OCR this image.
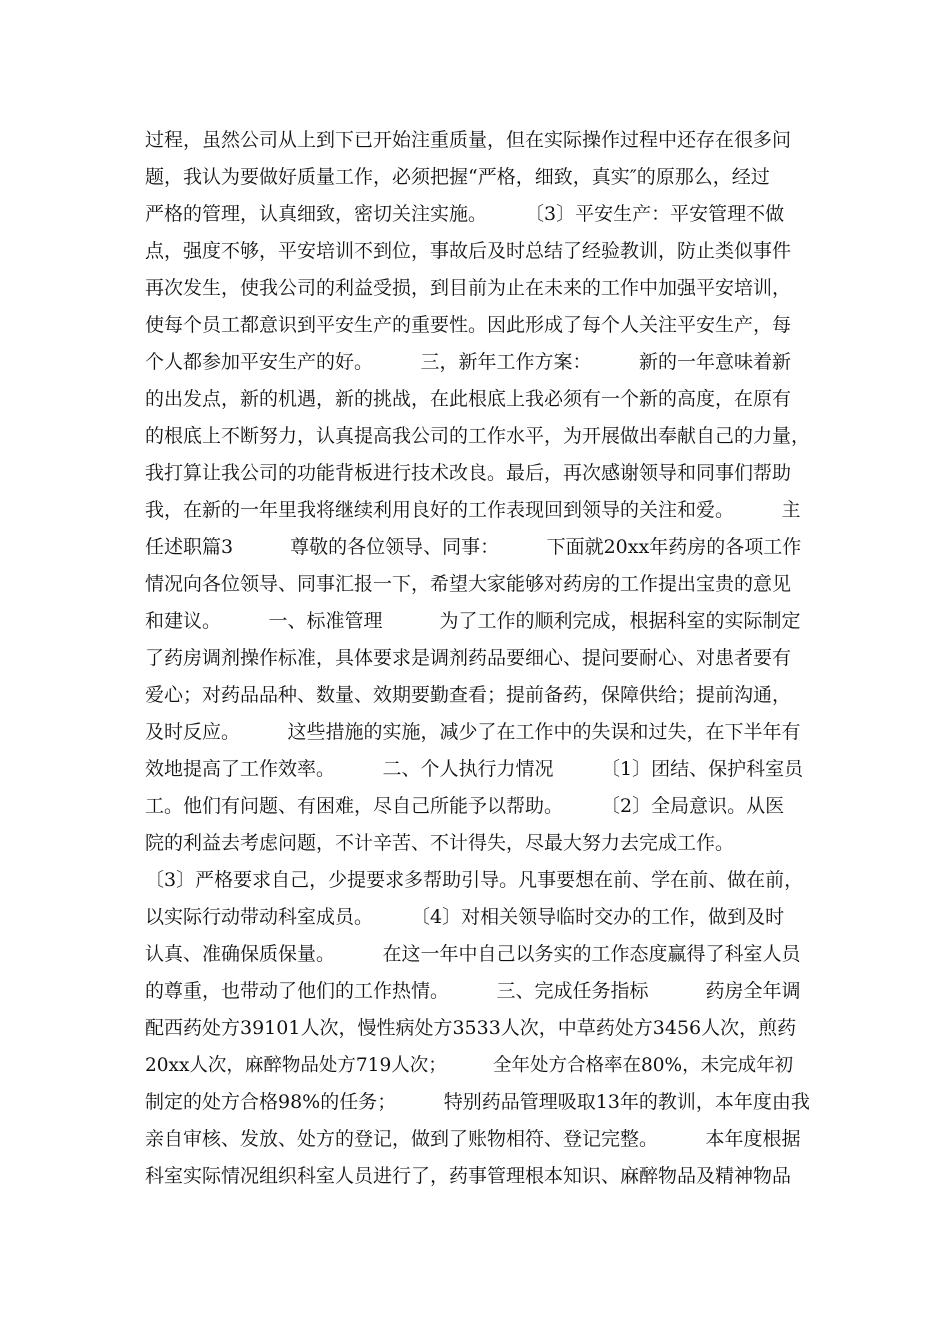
过程，虽然公司从上到下已开始注重质量，但在实际操作过程中还存在很多问
题，我认为要做好质量工作，必须把握“严格，细致，真实″的原那么，经过
严格的管理，认真细致，密切关注实施。　　　〔3〕平安生产：平安管理不做
点，强度不够，平安培训不到位，事故后及时总结了经验教训，防止类似事件
再次发生，使我公司的利益受损，到目前为止在未来的工作中加强平安培训，
使每个员工都意识到平安生产的重要性。因此形成了每个人关注平安生产，每
个人都参加平安生产的好。　　　三，新年工作方案：　　　新的一年意味着新
的出发点，新的机遇，新的挑战，在此根底上我必须有一个新的高度，在原有
的根底上不断努力，认真提高我公司的工作水平，为开展做出奉献自己的力量，
我打算让我公司的功能背板进行技术改良。最后，再次感谢领导和同事们帮助
我，在新的一年里我将继续利用良好的工作表现回到领导的关注和爱。　　　主
任述职篇3　　　尊敬的各位领导、同事：　　　下面就20xx年药房的各项工作
情况向各位领导、同事汇报一下，希望大家能够对药房的工作提出宝贵的意见
和建议。　　　一、标准管理　　　为了工作的顺利完成，根据科室的实际制定
了药房调剂操作标准，具体要求是调剂药品要细心、提问要耐心、对患者要有
爱心；对药品品种、数量、效期要勤查看；提前备药，保障供给；提前沟通，
及时反应。　　　这些措施的实施，减少了在工作中的失误和过失，在下半年有
效地提高了工作效率。　　　二、个人执行力情况　　　〔1〕团结、保护科室员
工。他们有问题、有困难，尽自己所能予以帮助。　　　〔2〕全局意识。从医
院的利益去考虑问题，不计辛苦、不计得失，尽最大努力去完成工作。
〔3〕严格要求自己，少提要求多帮助引导。凡事要想在前、学在前、做在前，
以实际行动带动科室成员。　　　〔4〕对相关领导临时交办的工作，做到及时
认真、准确保质保量。　　　在这一年中自己以务实的工作态度赢得了科室人员
的尊重，也带动了他们的工作热情。　　　三、完成任务指标　　　药房全年调
配西药处方39101人次，慢性病处方3533人次，中草药处方3456人次，煎药
20xx人次，麻醉物品处方719人次；　　　全年处方合格率在80%，未完成年初
制定的处方合格98%的任务；　　　特别药品管理吸取13年的教训，本年度由我
亲自审核、发放、处方的登记，做到了账物相符、登记完整。　　　本年度根据
科室实际情况组织科室人员进行了，药事管理根本知识、麻醉物品及精神物品
